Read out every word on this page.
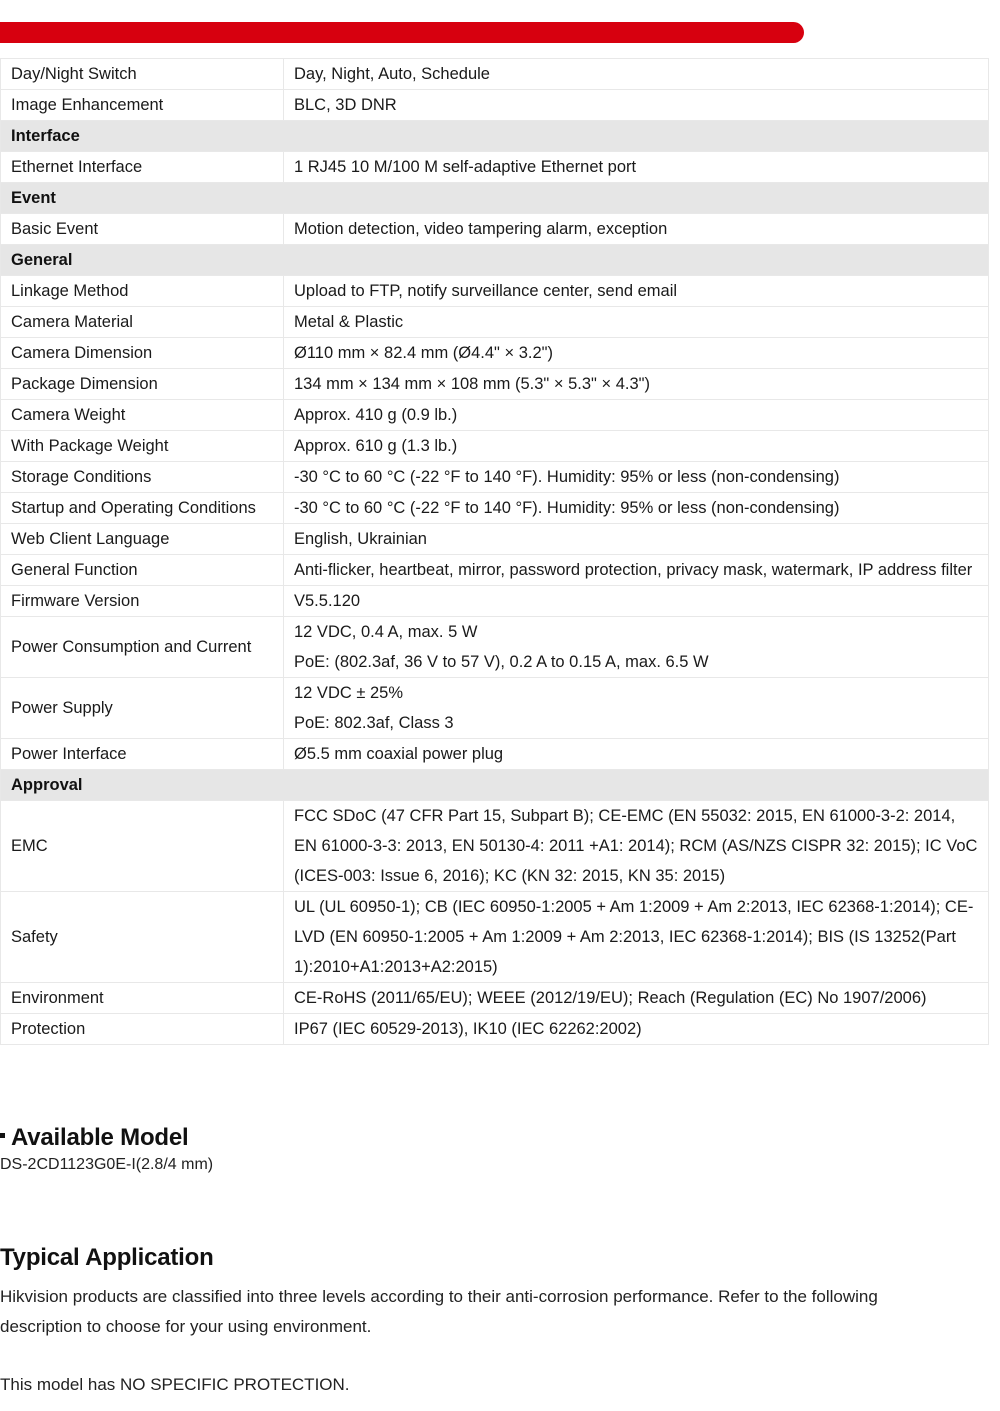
Day/Night Switch	Day, Night, Auto, Schedule

Image Enhancement	BLC, 3D DNR

Interface	
Ethernet Interface	1 RJ45 10 M/100 M self-adaptive Ethernet port

Event	
Basic Event	Motion detection, video tampering alarm, exception

General	
Linkage Method	Upload to FTP, notify surveillance center, send email

Camera Material	Metal & Plastic

Camera Dimension	Ø110 mm × 82.4 mm (Ø4.4" × 3.2")

Package Dimension	134 mm × 134 mm × 108 mm (5.3" × 5.3" × 4.3")

Camera Weight	Approx. 410 g (0.9 lb.)

With Package Weight	Approx. 610 g (1.3 lb.)

Storage Conditions	-30 °C to 60 °C (-22 °F to 140 °F). Humidity: 95% or less (non-condensing)

Startup and Operating Conditions	-30 °C to 60 °C (-22 °F to 140 °F). Humidity: 95% or less (non-condensing)

Web Client Language	English, Ukrainian

General Function	Anti-flicker, heartbeat, mirror, password protection, privacy mask, watermark, IP address filter

Firmware Version	V5.5.120

Power Consumption and Current	12 VDC, 0.4 A, max. 5 W
PoE: (802.3af, 36 V to 57 V), 0.2 A to 0.15 A, max. 6.5 W

Power Supply	12 VDC ± 25%
PoE: 802.3af, Class 3

Power Interface	Ø5.5 mm coaxial power plug

Approval	
EMC	FCC SDoC (47 CFR Part 15, Subpart B); CE-EMC (EN 55032: 2015, EN 61000-3-2: 2014, EN 61000-3-3: 2013, EN 50130-4: 2011 +A1: 2014); RCM (AS/NZS CISPR 32: 2015); IC VoC (ICES-003: Issue 6, 2016); KC (KN 32: 2015, KN 35: 2015)

Safety	UL (UL 60950-1); CB (IEC 60950-1:2005 + Am 1:2009 + Am 2:2013, IEC 62368-1:2014); CE-LVD (EN 60950-1:2005 + Am 1:2009 + Am 2:2013, IEC 62368-1:2014); BIS (IS 13252(Part 1):2010+A1:2013+A2:2015)

Environment	CE-RoHS (2011/65/EU); WEEE (2012/19/EU); Reach (Regulation (EC) No 1907/2006)

Protection	IP67 (IEC 60529-2013), IK10 (IEC 62262:2002)
Available Model
DS-2CD1123G0E-I(2.8/4 mm)
Typical Application
Hikvision products are classified into three levels according to their anti-corrosion performance. Refer to the following description to choose for your using environment.
This model has NO SPECIFIC PROTECTION.
